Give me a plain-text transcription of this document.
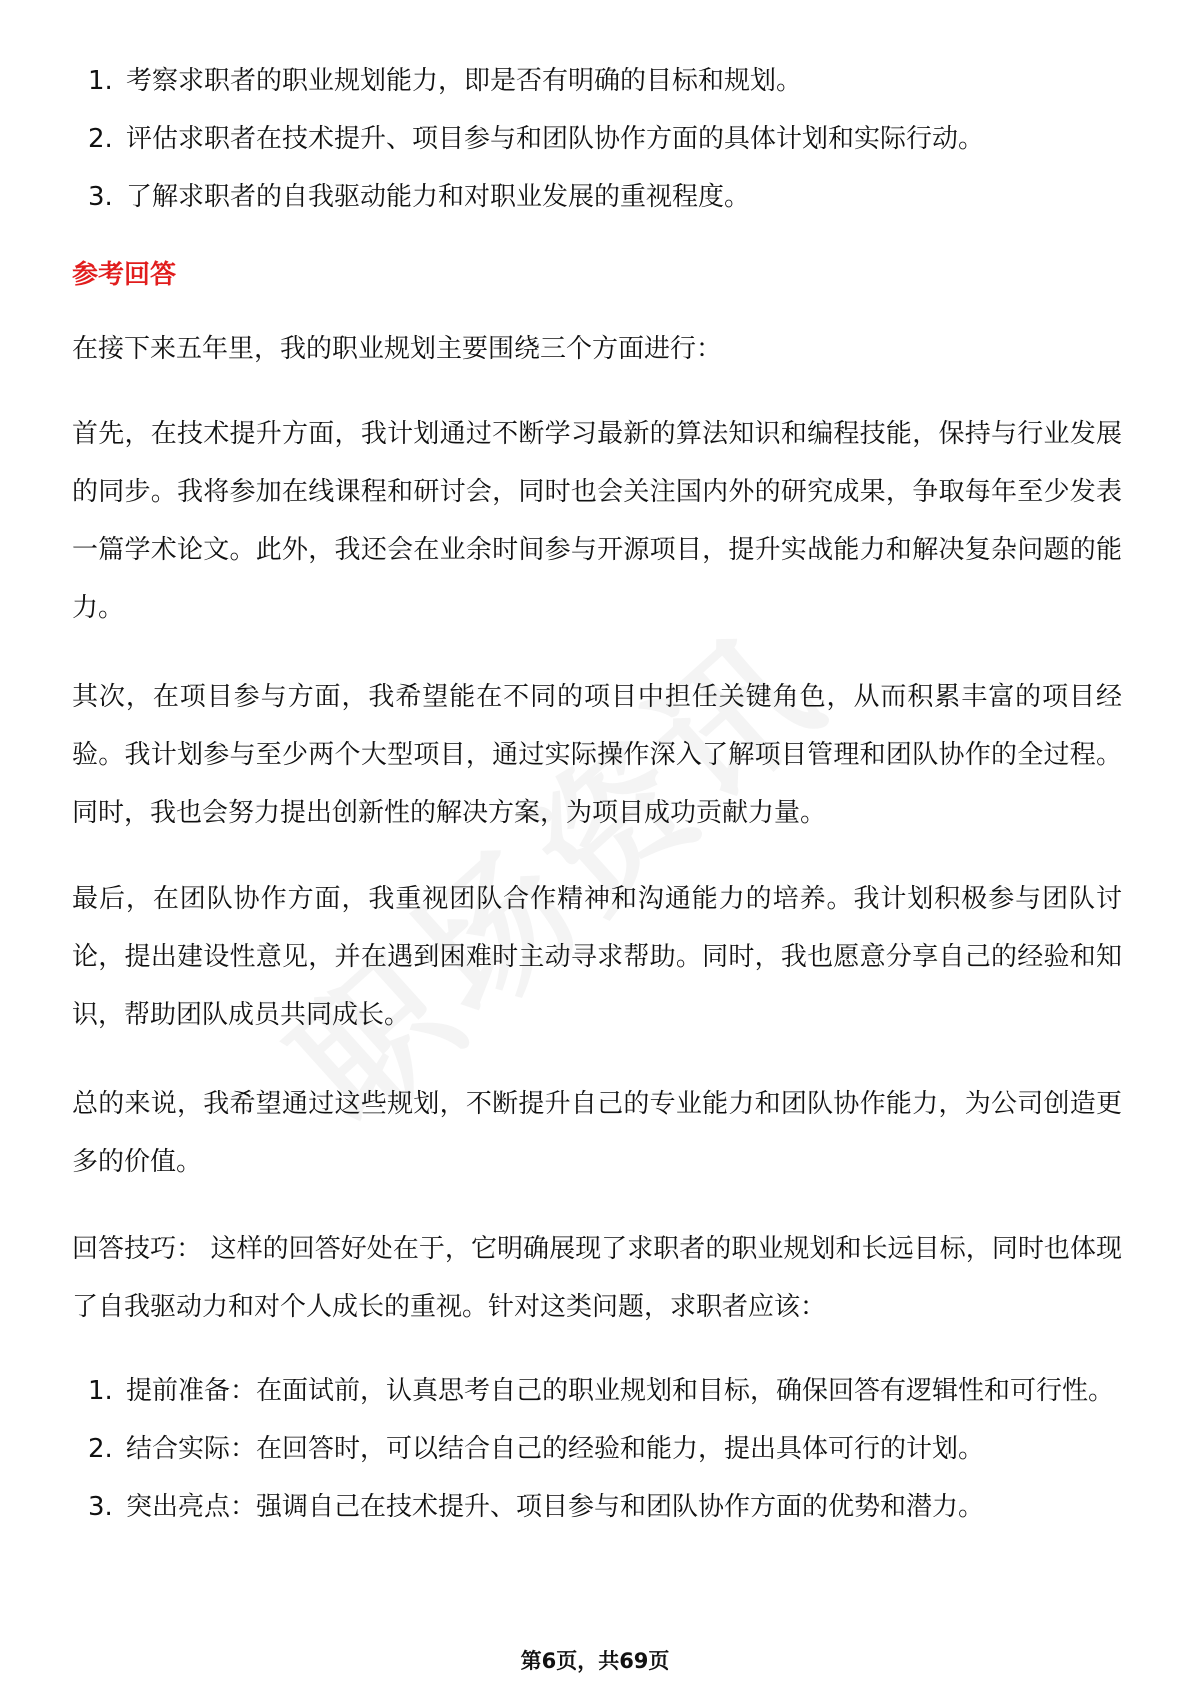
1. 考察求职者的职业规划能力，即是否有明确的目标和规划。
2. 评估求职者在技术提升、项目参与和团队协作方面的具体计划和实际行动。
3. 了解求职者的自我驱动能力和对职业发展的重视程度。
参考回答

在接下来五年里，我的职业规划主要围绕三个方面进行：

首先，在技术提升方面，我计划通过不断学习最新的算法知识和编程技能，保持与行业发展的同步。我将参加在线课程和研讨会，同时也会关注国内外的研究成果，争取每年至少发表一篇学术论文。此外，我还会在业余时间参与开源项目，提升实战能力和解决复杂问题的能力。

其次，在项目参与方面，我希望能在不同的项目中担任关键角色，从而积累丰富的项目经验。我计划参与至少两个大型项目，通过实际操作深入了解项目管理和团队协作的全过程。同时，我也会努力提出创新性的解决方案，为项目成功贡献力量。

最后，在团队协作方面，我重视团队合作精神和沟通能力的培养。我计划积极参与团队讨论，提出建设性意见，并在遇到困难时主动寻求帮助。同时，我也愿意分享自己的经验和知识，帮助团队成员共同成长。

总的来说，我希望通过这些规划，不断提升自己的专业能力和团队协作能力，为公司创造更多的价值。

回答技巧： 这样的回答好处在于，它明确展现了求职者的职业规划和长远目标，同时也体现了自我驱动力和对个人成长的重视。针对这类问题，求职者应该：

1. 提前准备：在面试前，认真思考自己的职业规划和目标，确保回答有逻辑性和可行性。
2. 结合实际：在回答时，可以结合自己的经验和能力，提出具体可行的计划。
3. 突出亮点：强调自己在技术提升、项目参与和团队协作方面的优势和潜力。
第6页，共69页
